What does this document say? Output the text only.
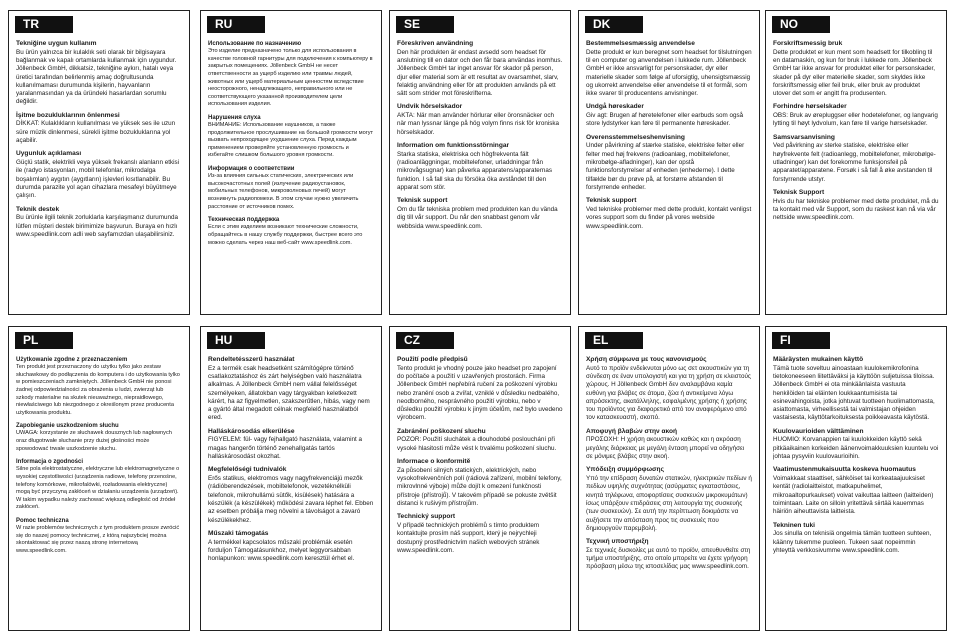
TR

Tekniğine uygun kullanım

Bu ürün yalnızca bir kulaklık seti olarak bir bilgisayara bağlanmak ve kapalı ortamlarda kullanmak için uygundur. Jöllenbeck GmbH, dikkatsiz, tekniğine aykırı, hatalı veya üretici tarafından belirlenmiş amaç doğrultusunda kullanılmaması durumunda kişilerin, hayvanların yaralanmasından ya da üründeki hasarlardan sorumlu değildir.

İşitme bozukluklarının önlenmesi

DİKKAT: Kulaklıkların kullanılması ve yüksek ses ile uzun süre müzik dinlenmesi, sürekli işitme bozukluklarına yol açabilir.

Uygunluk açıklaması

Güçlü statik, elektrikli veya yüksek frekanslı alanların etkisi ile (radyo istasyonları, mobil telefonlar, mikrodalga boşalımları) aygıtın (aygıtların) işlevleri kısıtlanabilir. Bu durumda parazite yol açan cihazlara mesafeyi büyütmeye çalışın.

Teknik destek

Bu ürünle ilgili teknik zorluklarla karşılaşmanız durumunda lütfen müşteri destek birimimize başvurun. Buraya en hızlı www.speedlink.com adli web sayfamızdan ulaşabilirsiniz.

RU

Использование по назначению

Это изделие предназначено только для использования в качестве головной гарнитуры для подключения к компьютеру в закрытых помещениях. Jöllenbeck GmbH не несет ответственности за ущерб изделию или травмы людей, животных или ущерб материальным ценностям вследствие неосторожного, ненадлежащего, неправильного или не соответствующего указанной производителем цели использования изделия.

Нарушения слуха

ВНИМАНИЕ: Использование наушников, а также продолжительное прослушивание на большой громкости могут вызвать непроходящее ухудшение слуха. Перед каждым применением проверяйте установленную громкость и избегайте слишком большого уровня громкости.

Информация о соответствии

Из-за влияния сильных статических, электрических или высокочастотных полей (излучение радиоустановок, мобильных телефонов, микроволновых печей) могут возникнуть радиопомехи. В этом случае нужно увеличить расстояние от источников помех.

Техническая поддержка

Если с этим изделием возникают технические сложности, обращайтесь в нашу службу поддержки, быстрее всего это можно сделать через наш веб-сайт www.speedlink.com.

SE

Föreskriven användning

Den här produkten är endast avsedd som headset för anslutning till en dator och den får bara användas inomhus. Jöllenbeck GmbH tar inget ansvar för skador på person, djur eller material som är ett resultat av ovarsamhet, slarv, felaktig användning eller för att produkten används på ett sätt som strider mot föreskrifterna.

Undvik hörselskador

AKTA: När man använder hörlurar eller öronsnäcker och när man lyssnar länge på hög volym finns risk för kroniska hörselskador.

Information om funktionsstörningar

Starka statiska, elektriska och högfrekventa fält (radioanläggningar, mobiltelefoner, urladdningar från mikrovågsugnar) kan påverka apparatens/apparaternas funktion. I så fall ska du försöka öka avståndet till den apparat som stör.

Teknisk support

Om du får tekniska problem med produkten kan du vända dig till vår support. Du når den snabbast genom vår webbsida www.speedlink.com.

DK

Bestemmelsesmæssig anvendelse

Dette produkt er kun beregnet som headset for tilslutningen til en computer og anvendelsen i lukkede rum. Jöllenbeck GmbH er ikke ansvarligt for personskader, dyr eller materielle skader som følge af uforsigtig, uhensigtsmæssig og ukorrekt anvendelse eller anvendelse til et formål, som ikke svarer til producentens anvisninger.

Undgå høreskader

Giv agt: Brugen af høretelefoner eller earbuds som også store lydstyrker kan føre til permanente høreskader.

Overensstemmelseshenvisning

Under påvirkning af stærke statiske, elektriske felter eller felter med høj frekvens (radioanlæg, mobiltelefoner, mikrobølge-afladninger), kan der opstå funktionsforstyrrelser af enheden (enhederne). I dette tilfælde bør du prøve på, at forstørre afstanden til forstyrrende enheder.

Teknisk support

Ved tekniske problemer med dette produkt, kontakt venligst vores support som du finder på vores webside www.speedlink.com.

NO

Forskriftsmessig bruk

Dette produktet er kun ment som headsett for tilkobling til en datamaskin, og kun for bruk i lukkede rom. Jöllenbeck GmbH tar ikke ansvar for produktet eller for personskader, skader på dyr eller materielle skader, som skyldes ikke forskriftsmessig eller feil bruk, eller bruk av produktet utover det som er angitt fra produsenten.

Forhindre hørselskader

OBS: Bruk av ørepluggser eller hodetelefoner, og langvarig lytting til høyt lydvolum, kan føre til varige hørselskader.

Samsvarsanvisning

Ved påvirkning av sterke statiske, elektriske eller høyfrekvente felt (radioanlegg, mobiltelefoner, mikrobølge-utladninger) kan det forekomme funksjonsfeil på apparatet/apparatene. Forsøk i så fall å øke avstanden til forstyrrende utstyr.

Teknisk Support

Hvis du har tekniske problemer med dette produktet, må du ta kontakt med vår Support, som du raskest kan nå via vår nettside www.speedlink.com.

PL

Użytkowanie zgodne z przeznaczeniem

Ten produkt jest przeznaczony do użytku tylko jako zestaw słuchawkowy do podłączenia do komputera i do użytkowania tylko w pomieszczeniach zamkniętych. Jöllenbeck GmbH nie ponosi żadnej odpowiedzialności za obrażenia u ludzi, zwierząt lub szkody materialne na skutek nieuważnego, niepraidłowego, niewłaściwego lub niezgodnego z określonym przez producenta użytkowania produktu.

Zapobieganie uszkodzeniom słuchu

UWAGA: korzystanie ze słuchawek dousznych lub nagłownych oraz długotrwałe słuchanie przy dużej głośności może spowodować trwałe uszkodzenie słuchu.

Informacja o zgodności

Silne pola elektrostatyczne, elektryczne lub elektromagnetyczne o wysokiej częstotliwości (urządzenia radiowe, telefony przenośne, telefony komórkowe, mikrofalówki, rozładowania elektryczne) mogą być przyczyną zakłóceń w działaniu urządzenia (urządzeń). W takim wypadku należy zachować większą odległość od źródeł zakłóceń.

Pomoc techniczna

W razie problemów technicznych z tym produktem prosze zwrócić się do naszej pomocy technicznej, z którą najszybciej można skontaktować się przez naszą stronę internetową www.speedlink.com.

HU

Rendeltetésszerű használat

Ez a termék csak headsetként számítógépre történő csatlakoztatáshoz és zárt helyiségben való használatra alkalmas. A Jöllenbeck GmbH nem vállal felelősséget személyeken, állatokban vagy tárgyakban keletkezett kárért, ha az figyelmetlen, szakszerűtlen, hibás, vagy nem a gyártó által megadott célnak megfelelő használatból ered.

Halláskárosodás elkerülése

FIGYELEM: fül- vagy fejhallgató használata, valamint a magas hangerőn történő zenehallgatás tartós halláskárosodást okozhat.

Megfelelőségi tudnivalók

Erős statikus, elektromos vagy nagyfrekvenciájú mezők (rádióberendezések, mobiltelefonok, vezetéknélküli telefonok, mikrohullámú sütők, kisülések) hatására a készülék (a készülékek) működési zavara léphet fel. Ebben az esetben próbálja meg növelni a távolságot a zavaró készülékekhez.

Műszaki támogatás

A termékkel kapcsolatos műszaki problémák esetén forduljon Támogatásunkhoz, melyet leggyorsabban honlapunkon: www.speedlink.com keresztül érhet el.

CZ

Použití podle předpisů

Tento produkt je vhodný pouze jako headset pro zapojení do počítače a použití v uzavřených prostorách. Firma Jöllenbeck GmbH nepřebírá ručení za poškození výrobku nebo zranění osob a zvířat, vzniklé v důsledku nedbalého, neodborného, nesprávného použití výrobku, nebo v důsledku použití výrobku k jiným účelům, než bylo uvedeno výrobcem.

Zabránění poškození sluchu

POZOR: Použití sluchátek a dlouhodobé poslouchání při vysoké hlasitosti může vést k trvalému poškození sluchu.

Informace o konformitě

Za působení silných statických, elektrických, nebo vysokofrekvenčních polí (rádiová zařízení, mobilní telefony, mikrovlnné výboje) může dojít k omezení funkčnosti přístroje (přístrojů). V takovém případě se pokuste zvětšit distanci k rušivým přístrojům.

Technický support

V případě technických problémů s tímto produktem kontaktujte prosím náš support, který je nejrychleji dostupný prostřednictvím našich webových stránek www.speedlink.com.

EL

Χρήση σύμφωνα με τους κανονισμούς

Αυτό το προϊόν ενδείκνυται μόνο ως σετ ακουστικών για τη σύνδεση σε έναν υπολογιστή και για τη χρήση σε κλειστούς χώρους. Η Jöllenbeck GmbH δεν αναλαμβάνει καμία ευθύνη για βλάβες σε άτομα, ζώα ή αντικείμενα λόγω απρόσεκτης, ακατάλληλης, εσφαλμένης χρήσης ή χρήσης του προϊόντος για διαφορετικό από τον αναφερόμενο από τον κατασκευαστή, σκοπό.

Αποφυγή βλαβών στην ακοή

ΠΡΟΣΟΧΗ: Η χρήση ακουστικών καθώς και η ακρόαση μεγάλης διάρκειας με μεγάλη ένταση μπορεί να οδηγήσει σε μόνιμες βλάβες στην ακοή.

Υπόδειξη συμμόρφωσης

Υπό την επίδραση δυνατών στατικών, ηλεκτρικών πεδίων ή πεδίων υψηλής συχνότητας (ασύρματες εγκαταστάσεις, κινητά τηλέφωνα, αποφορτίσεις συσκευών μικροκυμάτων) ίσως υπάρξουν επιδράσεις στη λειτουργία της συσκευής (των συσκευών). Σε αυτή την περίπτωση δοκιμάστε να αυξήσετε την απόσταση προς τις συσκευές που δημιουργούν παρεμβολή.

Τεχνική υποστήριξη

Σε τεχνικές δυσκολίες με αυτό το προϊόν, απευθυνθείτε στη τμήμα υποστήριξης, στο οποίο μπορείτε να έχετε γρήγορη πρόσβαση μέσω της ιστοσελίδας μας www.speedlink.com.

FI

Määräysten mukainen käyttö

Tämä tuote soveltuu ainoastaan kuulokemikrofonina tietokoneeseen liitettäväksi ja käyttöön suljetuissa tiloissa. Jöllenbeck GmbH ei ota minkäänlaista vastuuta henkilöiden tai eläinten loukkaantumisista tai esinevahingoista, jotka johtuvat tuotteen huolimattomasta, asiattomasta, virheellisestä tai valmistajan ohjeiden vastaisesta, käyttötarkoituksesta poikkeavasta käytöstä.

Kuulovaurioiden välttäminen

HUOMIO: Korvanappien tai kuulokkeiden käyttö sekä pitkäaikainen korkeiden äänenvoimakkuuksien kuuntelu voi johtaa pysyviin kuulovaurioihin.

Vaatimustenmukaisuutta koskeva huomautus

Voimakkaat staattiset, sähköiset tai korkeataajuuksiset kentät (radiolaitteistot, matkapuhelimet, mikroaaltopurkaukset) voivat vaikuttaa laitteen (laitteiden) toimintaan. Laite on silloin yritettävä siirtää kauemmas häiriön aiheuttavista laitteista.

Tekninen tuki

Jos sinulla on teknisiä ongelmia tämän tuotteen suhteen, käänny tukemme puoleen. Tukeen saat nopeimmin yhteyttä verkkosivumme www.speedlink.com.
